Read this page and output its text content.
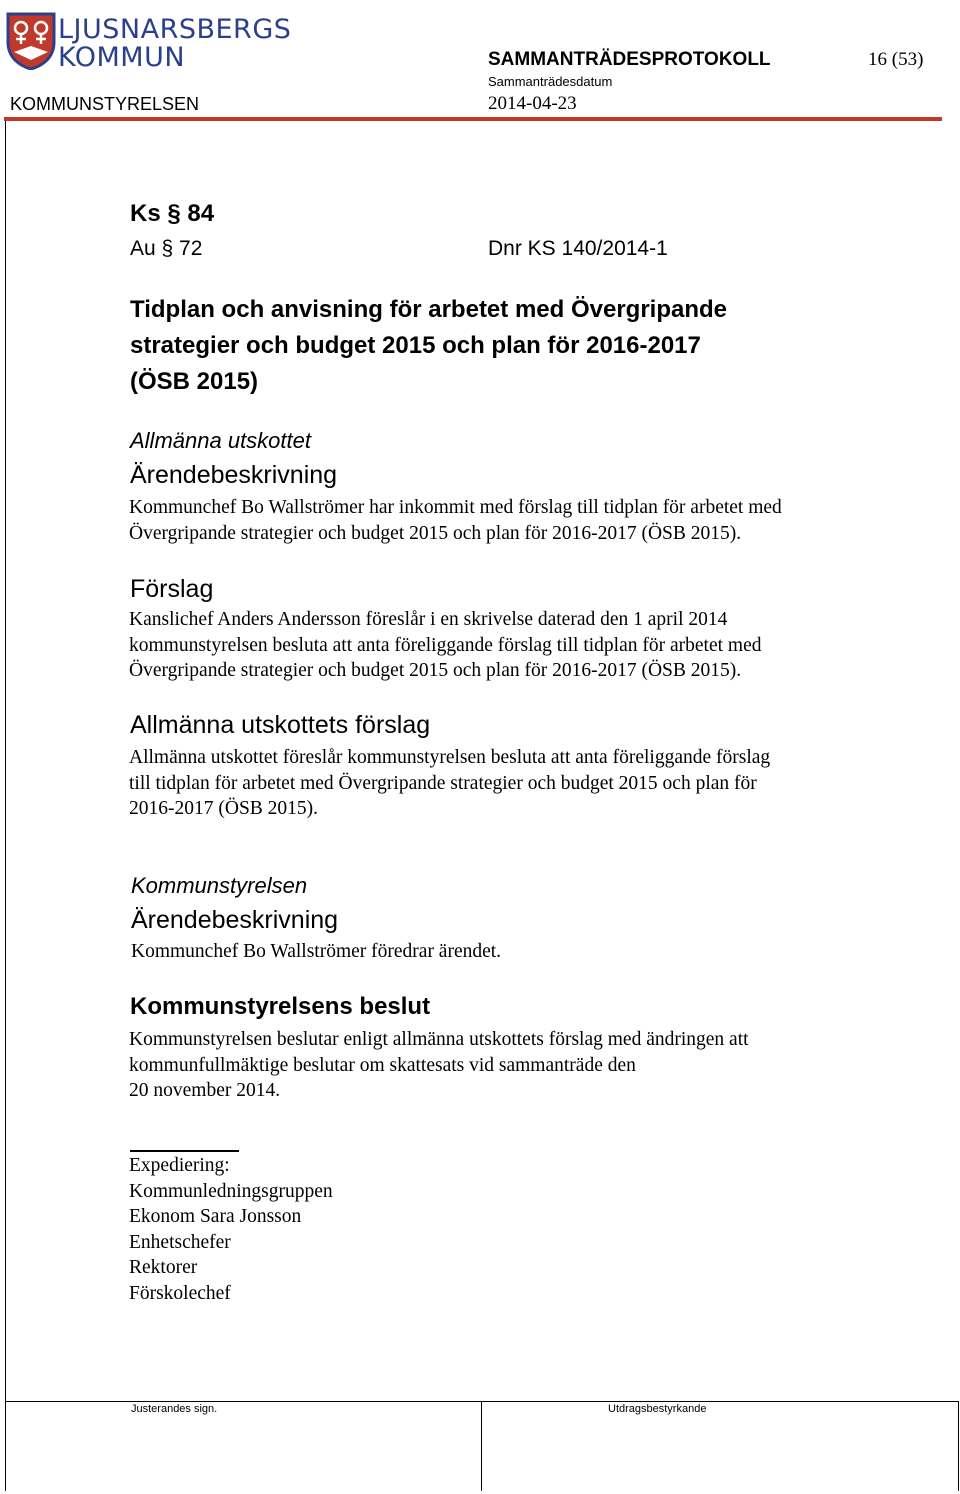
LJUSNARSBERGS
KOMMUN	SAMMANTRÄDESPROTOKOLL	16 (53)
Sammanträdesdatum
KOMMUNSTYRELSEN	2014-04-23
Ks § 84
Au § 72	Dnr KS 140/2014-1
Tidplan och anvisning för arbetet med Övergripande
strategier och budget 2015 och plan för 2016-2017
(ÖSB 2015)
Allmänna utskottet
Ärendebeskrivning
Kommunchef Bo Wallströmer har inkommit med förslag till tidplan för arbetet med
Övergripande strategier och budget 2015 och plan för 2016-2017 (ÖSB 2015).
Förslag
Kanslichef Anders Andersson föreslår i en skrivelse daterad den 1 april 2014
kommunstyrelsen besluta att anta föreliggande förslag till tidplan för arbetet med
Övergripande strategier och budget 2015 och plan för 2016-2017 (ÖSB 2015).
Allmänna utskottets förslag
Allmänna utskottet föreslår kommunstyrelsen besluta att anta föreliggande förslag
till tidplan för arbetet med Övergripande strategier och budget 2015 och plan för
2016-2017 (ÖSB 2015).
Kommunstyrelsen
Ärendebeskrivning
Kommunchef Bo Wallströmer föredrar ärendet.
Kommunstyrelsens beslut
Kommunstyrelsen beslutar enligt allmänna utskottets förslag med ändringen att
kommunfullmäktige beslutar om skattesats vid sammanträde den
20 november 2014.
Expediering:
Kommunledningsgruppen
Ekonom Sara Jonsson
Enhetschefer
Rektorer
Förskolechef
Justerandes sign.	Utdragsbestyrkande
